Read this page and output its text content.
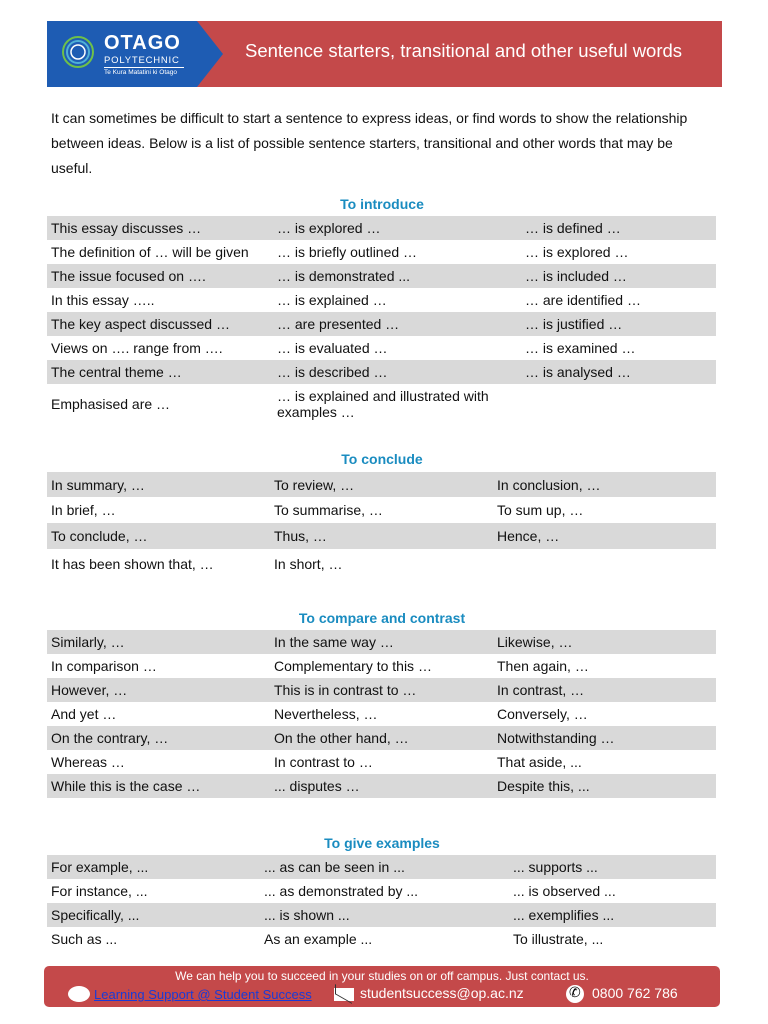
OTAGO
POLYTECHNIC
Te Kura Matatini ki Otago
Sentence starters, transitional and other useful words
It can sometimes be difficult to start a sentence to express ideas, or find words to show the relationship between ideas. Below is a list of possible sentence starters, transitional and other words that may be useful.
To introduce
This essay discusses …	… is explored …	… is defined …
The definition of … will be given	… is briefly outlined …	… is explored …
The issue focused on ….	… is demonstrated ...	… is included …
In this essay …..	… is explained …	… are identified …
The key aspect discussed …	… are presented …	… is justified …
Views on …. range from ….	… is evaluated …	… is examined …
The central theme …	… is described …	… is analysed …
Emphasised are …	… is explained and illustrated with examples …	
To conclude
In summary, …	To review, …	In conclusion, …
In brief, …	To summarise, …	To sum up, …
To conclude, …	Thus, …	Hence, …
It has been shown that, …	In short, …	
To compare and contrast
Similarly, …	In the same way …	Likewise, …
In comparison …	Complementary to this …	Then again, …
However, …	This is in contrast to …	In contrast, …
And yet …	Nevertheless, …	Conversely, …
On the contrary, …	On the other hand, …	Notwithstanding …
Whereas …	In contrast to …	That aside, ...
While this is the case …	... disputes …	Despite this, ...
To give examples
For example, ...	... as can be seen in ...	... supports ...
For instance, ...	... as demonstrated by ...	... is observed ...
Specifically, ...	... is shown ...	... exemplifies ...
Such as ...	As an example ...	To illustrate, ...
We can help you to succeed in your studies on or off campus. Just contact us.
Learning Support @ Student Success	studentsuccess@op.ac.nz ✆	0800 762 786
